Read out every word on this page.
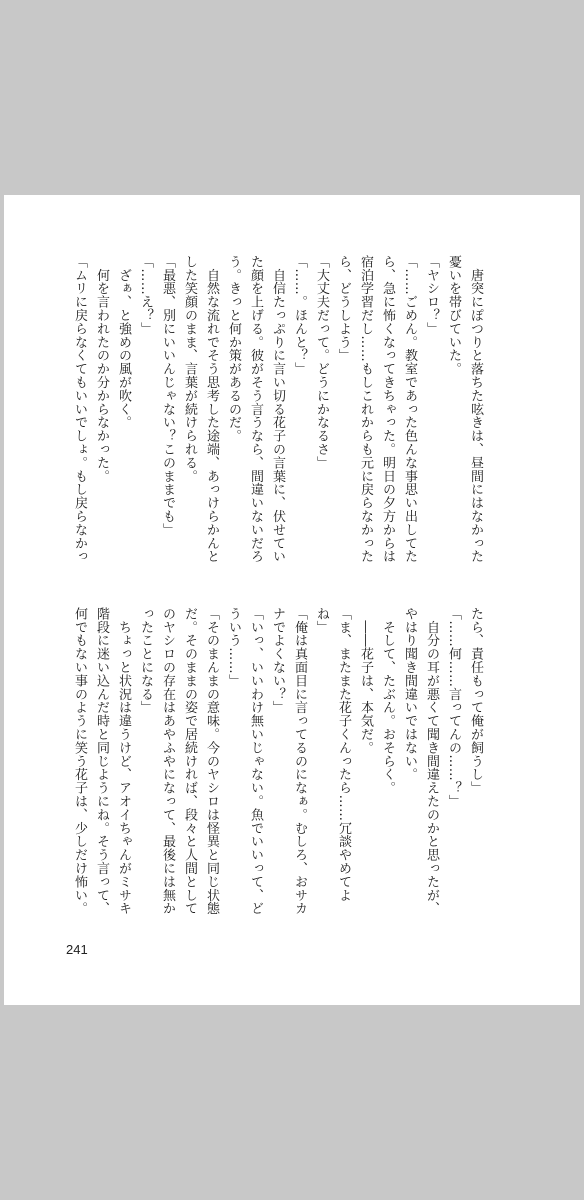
　唐突にぽつりと落ちた呟きは、昼間にはなかった
憂いを帯びていた。
「ヤシロ？」
「……ごめん。教室であった色んな事思い出してた
ら、急に怖くなってきちゃった。明日の夕方からは
宿泊学習だし……もしこれからも元に戻らなかった
ら、どうしよう」
「大丈夫だって。どうにかなるさ」
「……。ほんと？」
　自信たっぷりに言い切る花子の言葉に、伏せてい
た顔を上げる。彼がそう言うなら、間違いないだろ
う。きっと何か策があるのだ。
　自然な流れでそう思考した途端、あっけらかんと
した笑顔のまま、言葉が続けられる。
「最悪、別にいいんじゃない？このままでも」
「……え？」
　ざぁ、と強めの風が吹く。
　何を言われたのか分からなかった。
「ムリに戻らなくてもいいでしょ。もし戻らなかっ
たら、責任もって俺が飼うし」
「……何……言ってんの……？」
　自分の耳が悪くて聞き間違えたのかと思ったが、
やはり聞き間違いではない。
　そして、たぶん。おそらく。
　――花子は、本気だ。
「ま、またまた花子くんったら……冗談やめてよ
ね」
「俺は真面目に言ってるのになぁ。むしろ、おサカ
ナでよくない？」
「いっ、いいわけ無いじゃない。魚でいいって、ど
ういう……」
「そのまんまの意味。今のヤシロは怪異と同じ状態
だ。そのままの姿で居続ければ、段々と人間として
のヤシロの存在はあやふやになって、最後には無か
ったことになる」
　ちょっと状況は違うけど、アオイちゃんがミサキ
階段に迷い込んだ時と同じようにね。そう言って、
何でもない事のように笑う花子は、少しだけ怖い。
241
